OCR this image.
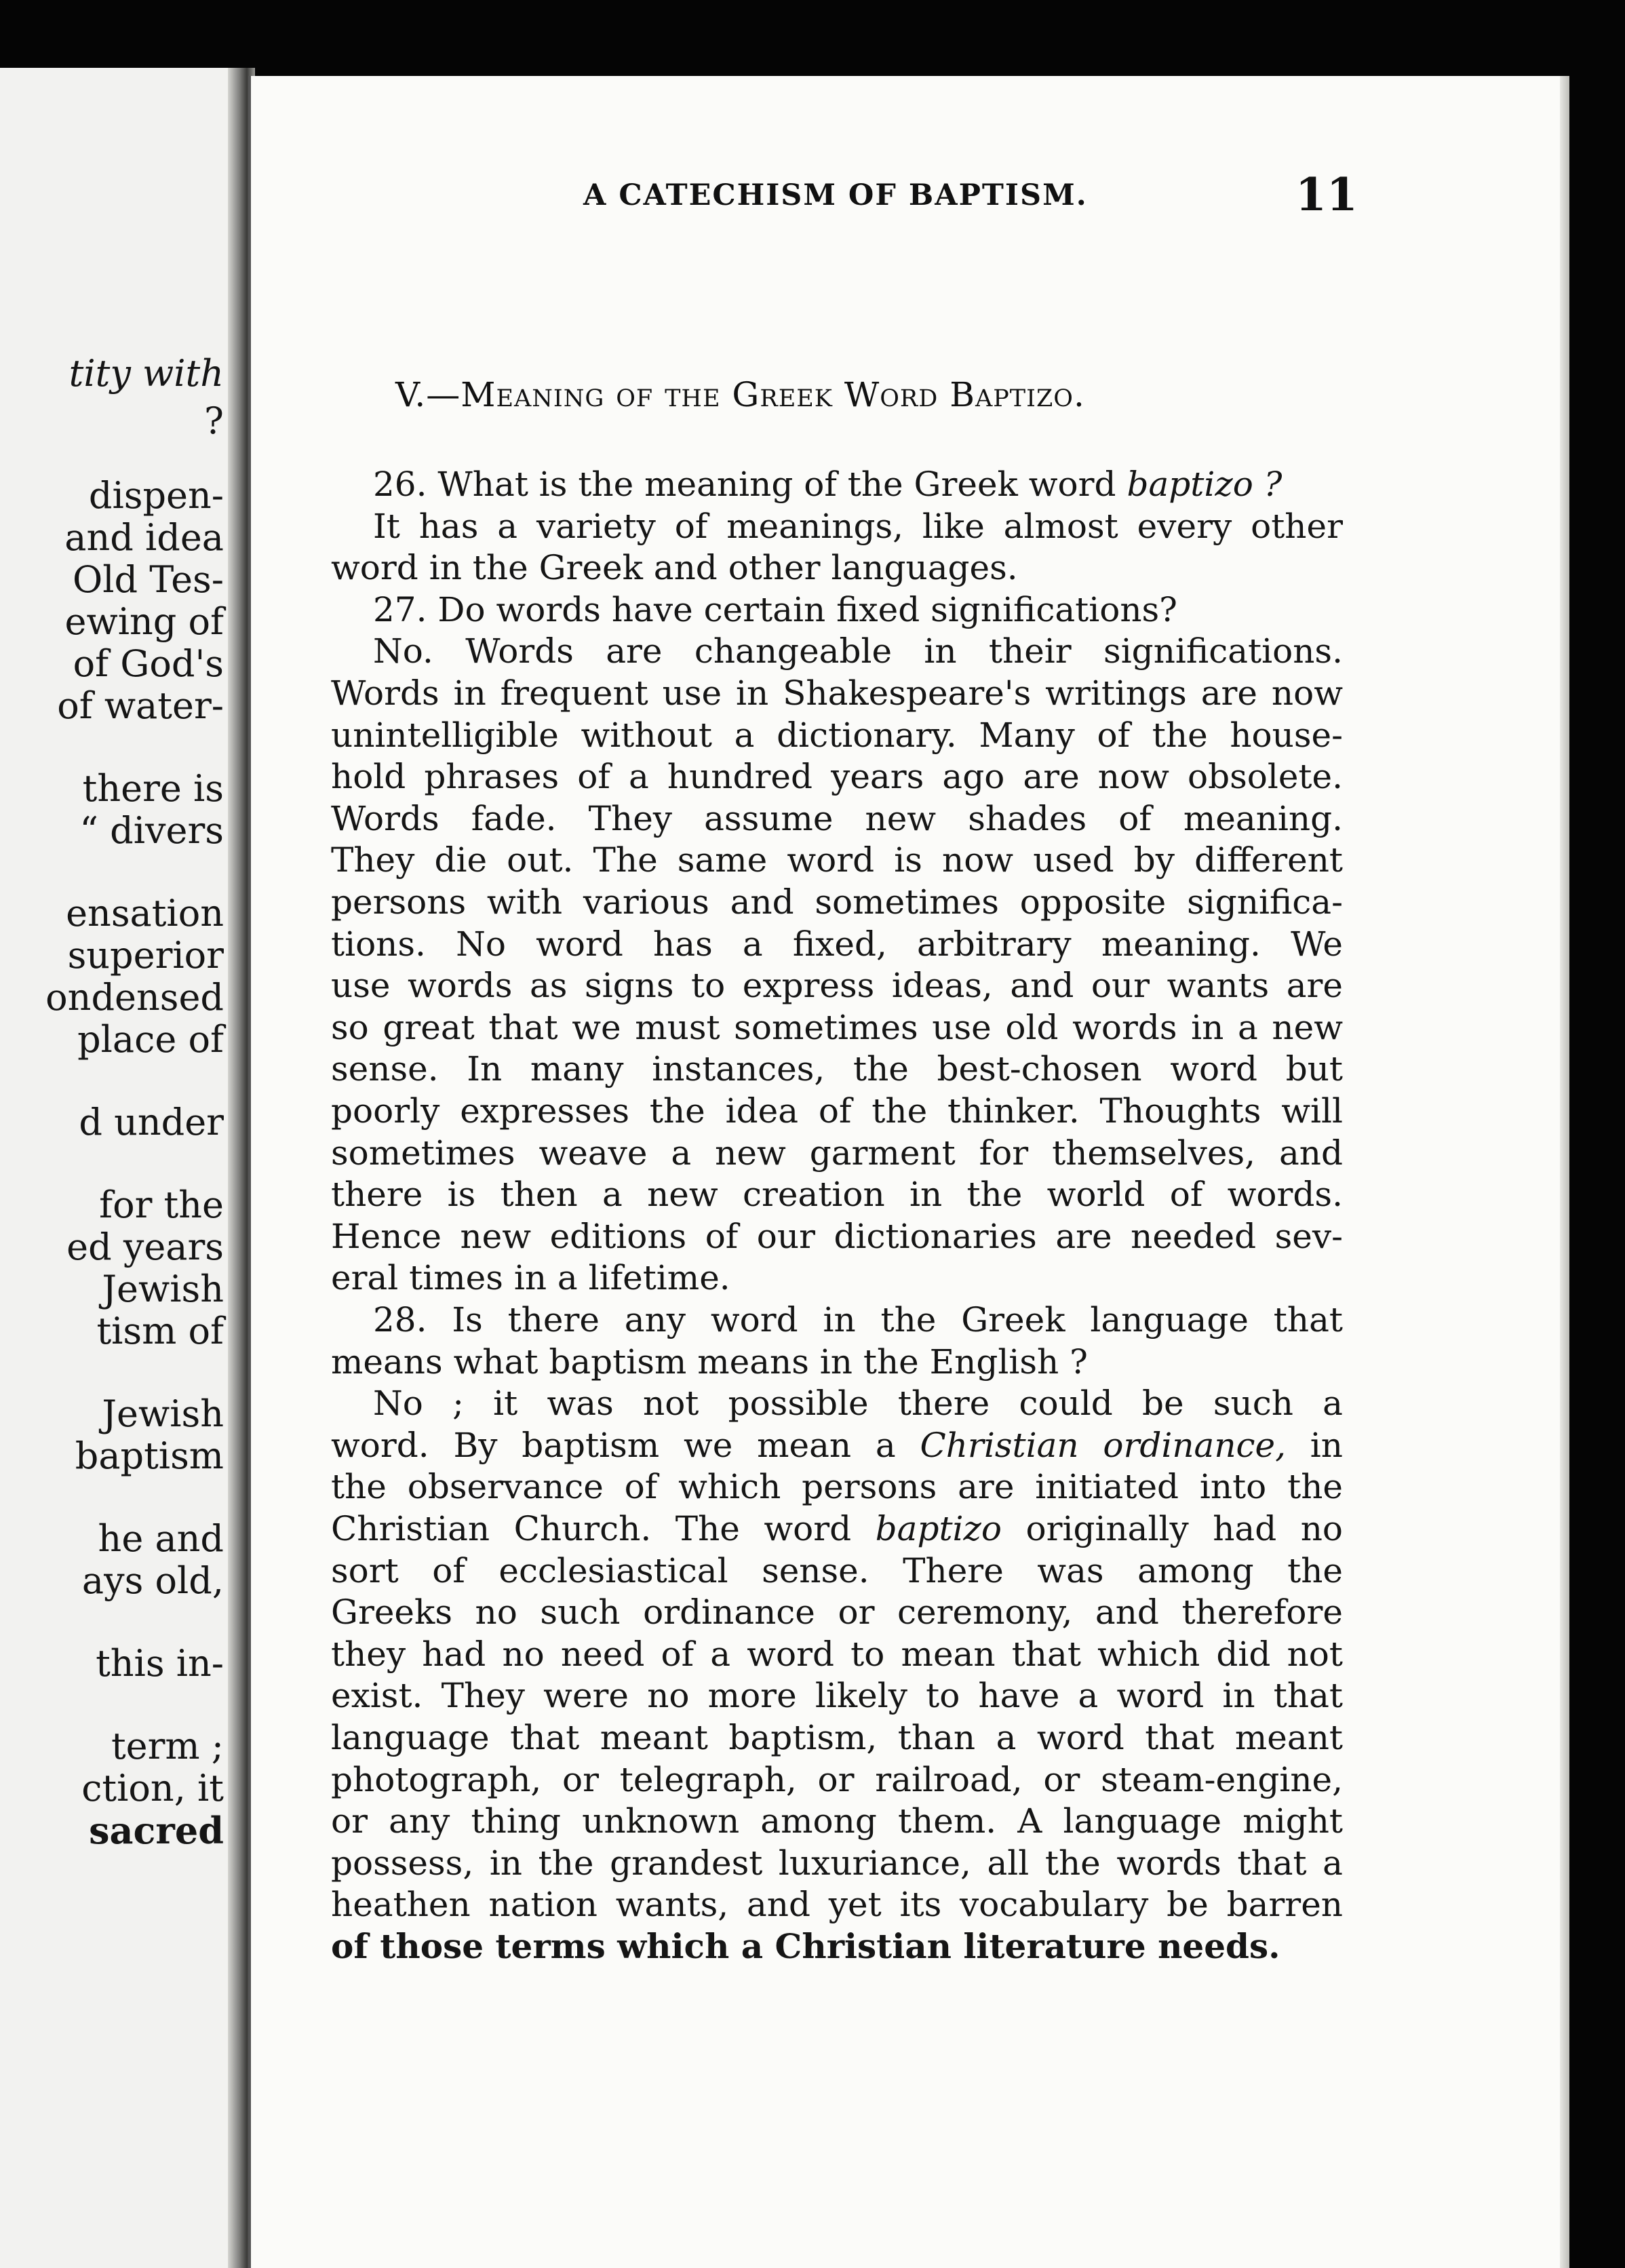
tity with
?
dispen-
and idea
Old Tes-
ewing of
of God's
of water-
there is
“ divers
ensation
superior
ondensed
place of
d under
for the
ed years
Jewish
tism of
Jewish
baptism
he and
ays old,
this in-
term ;
ction, it
sacred
A CATECHISM OF BAPTISM.	11
V.—Meaning of the Greek Word Baptizo.
26. What is the meaning of the Greek word baptizo ?
It has a variety of meanings, like almost every other
word in the Greek and other languages.
27. Do words have certain fixed significations?
No. Words are changeable in their significations.
Words in frequent use in Shakespeare's writings are now
unintelligible without a dictionary. Many of the house-
hold phrases of a hundred years ago are now obsolete.
Words fade. They assume new shades of meaning.
They die out. The same word is now used by different
persons with various and sometimes opposite significa-
tions. No word has a fixed, arbitrary meaning. We
use words as signs to express ideas, and our wants are
so great that we must sometimes use old words in a new
sense. In many instances, the best-chosen word but
poorly expresses the idea of the thinker. Thoughts will
sometimes weave a new garment for themselves, and
there is then a new creation in the world of words.
Hence new editions of our dictionaries are needed sev-
eral times in a lifetime.
28. Is there any word in the Greek language that
means what baptism means in the English ?
No ; it was not possible there could be such a
word. By baptism we mean a Christian ordinance, in
the observance of which persons are initiated into the
Christian Church. The word baptizo originally had no
sort of ecclesiastical sense. There was among the
Greeks no such ordinance or ceremony, and therefore
they had no need of a word to mean that which did not
exist. They were no more likely to have a word in that
language that meant baptism, than a word that meant
photograph, or telegraph, or railroad, or steam-engine,
or any thing unknown among them. A language might
possess, in the grandest luxuriance, all the words that a
heathen nation wants, and yet its vocabulary be barren
of those terms which a Christian literature needs.
